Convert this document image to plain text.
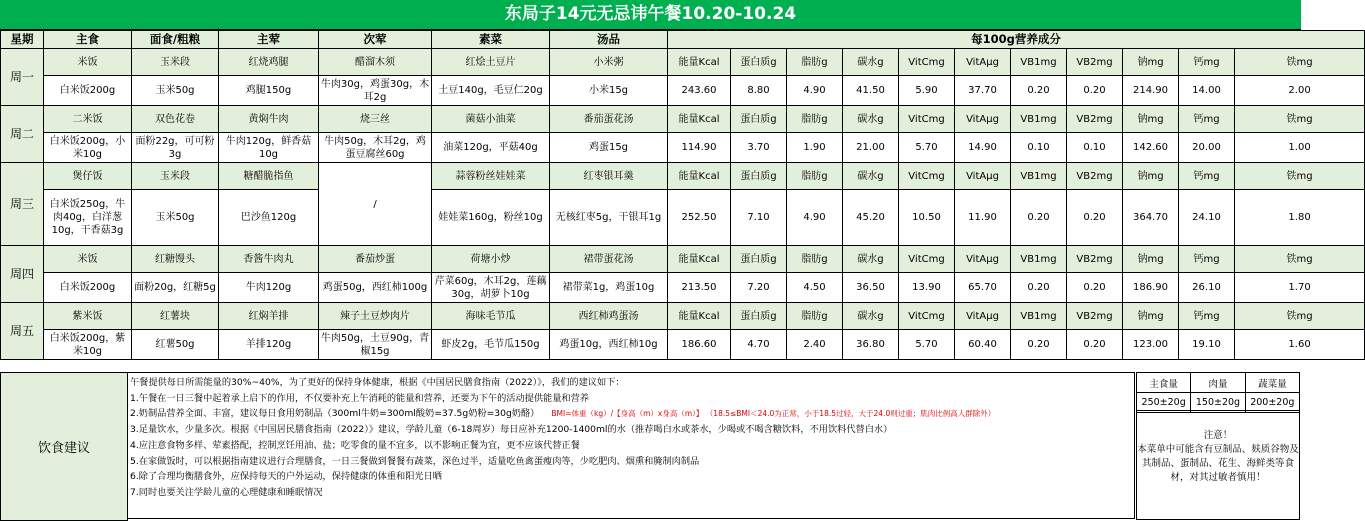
东局子14元无忌讳午餐10.20-10.24
星期	主食	面食/粗粮	主荤	次荤	素菜	汤品	每100g营养成分										
周一	米饭	玉米段	红烧鸡腿	醋溜木须	红烩土豆片	小米粥	能量Kcal	蛋白质g	脂肪g	碳水g	VitCmg	VitAμg	VB1mg	VB2mg	钠mg	钙mg	铁mg
	白米饭200g	玉米50g	鸡腿150g	牛肉30g，鸡蛋30g，木耳2g	土豆140g，毛豆仁20g	小米15g	243.60	8.80	4.90	41.50	5.90	37.70	0.20	0.20	214.90	14.00	2.00
周二	二米饭	双色花卷	黄焖牛肉	烧三丝	菌菇小油菜	番茄蛋花汤	能量Kcal	蛋白质g	脂肪g	碳水g	VitCmg	VitAμg	VB1mg	VB2mg	钠mg	钙mg	铁mg
	白米饭200g，小米10g	面粉22g，可可粉3g	牛肉120g，鲜香菇10g	牛肉50g，木耳2g，鸡蛋豆腐丝60g	油菜120g，平菇40g	鸡蛋15g	114.90	3.70	1.90	21.00	5.70	14.90	0.10	0.10	142.60	20.00	1.00
周三	煲仔饭	玉米段	糖醋脆指鱼	/	蒜蓉粉丝娃娃菜	红枣银耳羹	能量Kcal	蛋白质g	脂肪g	碳水g	VitCmg	VitAμg	VB1mg	VB2mg	钠mg	钙mg	铁mg
	白米饭250g，牛肉40g，白洋葱10g，干香菇3g	玉米50g	巴沙鱼120g		娃娃菜160g，粉丝10g	无核红枣5g，干银耳1g	252.50	7.10	4.90	45.20	10.50	11.90	0.20	0.20	364.70	24.10	1.80
周四	米饭	红糖馒头	香酱牛肉丸	番茄炒蛋	荷塘小炒	裙带蛋花汤	能量Kcal	蛋白质g	脂肪g	碳水g	VitCmg	VitAμg	VB1mg	VB2mg	钠mg	钙mg	铁mg
	白米饭200g	面粉20g，红糖5g	牛肉120g	鸡蛋50g，西红柿100g	芹菜60g，木耳2g，莲藕30g，胡萝卜10g	裙带菜1g，鸡蛋10g	213.50	7.20	4.50	36.50	13.90	65.70	0.20	0.20	186.90	26.10	1.70
周五	紫米饭	红薯块	红焖羊排	辣子土豆炒肉片	海味毛节瓜	西红柿鸡蛋汤	能量Kcal	蛋白质g	脂肪g	碳水g	VitCmg	VitAμg	VB1mg	VB2mg	钠mg	钙mg	铁mg
	白米饭200g，紫米10g	红薯50g	羊排120g	牛肉50g，土豆90g，青椒15g	虾皮2g，毛节瓜150g	鸡蛋10g，西红柿10g	186.60	4.70	2.40	36.80	5.70	60.40	0.20	0.20	123.00	19.10	1.60
饮食建议
午餐提供每日所需能量的30%~40%，为了更好的保持身体健康，根据《中国居民膳食指南（2022）》，我们的建议如下：
1.午餐在一日三餐中起着承上启下的作用，不仅要补充上午消耗的能量和营养，还要为下午的活动提供能量和营养
2.奶制品营养全面、丰富，建议每日食用奶制品（300ml牛奶=300ml酸奶=37.5g奶粉=30g奶酪） BMI=体重（kg）/【身高（m）x身高（m）】 （18.5≤BMI＜24.0为正常，小于18.5过轻，大于24.0则过重；肌肉比例高人群除外）
3.足量饮水，少量多次。根据《中国居民膳食指南（2022）》建议，学龄儿童（6-18周岁）每日应补充1200-1400ml的水（推荐喝白水或茶水，少喝或不喝含糖饮料，不用饮料代替白水）
4.应注意食物多样、荤素搭配，控制烹饪用油、盐；吃零食的量不宜多，以不影响正餐为宜，更不应该代替正餐
5.在家做饭时，可以根据指南建议进行合理膳食，一日三餐做到餐餐有蔬菜，深色过半，适量吃鱼禽蛋瘦肉等，少吃肥肉、烟熏和腌制肉制品
6.除了合理均衡膳食外，应保持每天的户外运动，保持健康的体重和阳光日晒
7.同时也要关注学龄儿童的心理健康和睡眠情况
主食量	肉量	蔬菜量
250±20g	150±20g	200±20g
注意！
本菜单中可能含有豆制品、麸质谷物及其制品、蛋制品、花生、海鲜类等食材，对其过敏者慎用！
